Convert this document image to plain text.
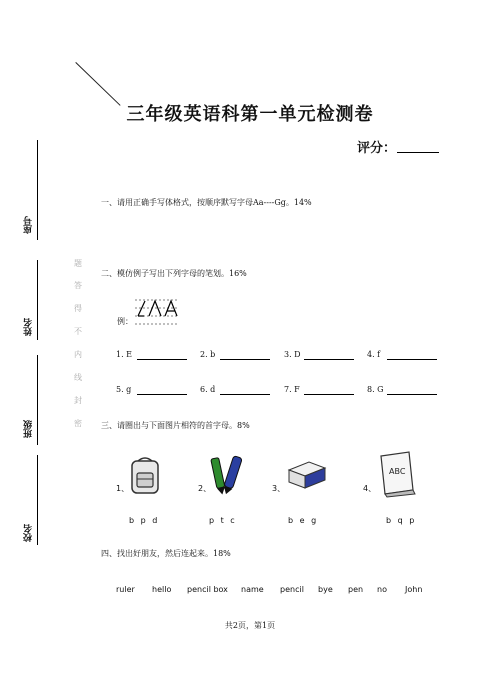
三年级英语科第一单元检测卷
评分：
座号
姓名
班级
校名
题
答
得
不
内
线
封
密
一、请用正确手写体格式，按顺序默写字母Aa----Gg。14%
二、模仿例子写出下列字母的笔划。16%
例：
1. E	2. b	3. D	4. f
5. g	6. d	7. F	8. G
三、请圈出与下面图片相符的首字母。8%
1、
b p d
2、
p t c
3、
b e g
4、
ABC
b q p
四、找出好朋友，然后连起来。18%
ruler hello pencil box name pencil bye pen no John
共2页，第1页
